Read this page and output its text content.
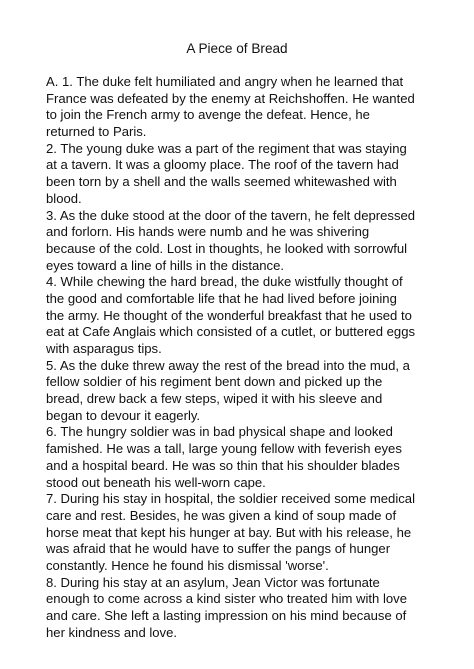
A Piece of Bread
A. 1. The duke felt humiliated and angry when he learned that
France was defeated by the enemy at Reichshoffen. He wanted
to join the French army to avenge the defeat. Hence, he
returned to Paris.
2. The young duke was a part of the regiment that was staying
at a tavern. It was a gloomy place. The roof of the tavern had
been torn by a shell and the walls seemed whitewashed with
blood.
3. As the duke stood at the door of the tavern, he felt depressed
and forlorn. His hands were numb and he was shivering
because of the cold. Lost in thoughts, he looked with sorrowful
eyes toward a line of hills in the distance.
4. While chewing the hard bread, the duke wistfully thought of
the good and comfortable life that he had lived before joining
the army. He thought of the wonderful breakfast that he used to
eat at Cafe Anglais which consisted of a cutlet, or buttered eggs
with asparagus tips.
5. As the duke threw away the rest of the bread into the mud, a
fellow soldier of his regiment bent down and picked up the
bread, drew back a few steps, wiped it with his sleeve and
began to devour it eagerly.
6. The hungry soldier was in bad physical shape and looked
famished. He was a tall, large young fellow with feverish eyes
and a hospital beard. He was so thin that his shoulder blades
stood out beneath his well-worn cape.
7. During his stay in hospital, the soldier received some medical
care and rest. Besides, he was given a kind of soup made of
horse meat that kept his hunger at bay. But with his release, he
was afraid that he would have to suffer the pangs of hunger
constantly. Hence he found his dismissal 'worse'.
8. During his stay at an asylum, Jean Victor was fortunate
enough to come across a kind sister who treated him with love
and care. She left a lasting impression on his mind because of
her kindness and love.
